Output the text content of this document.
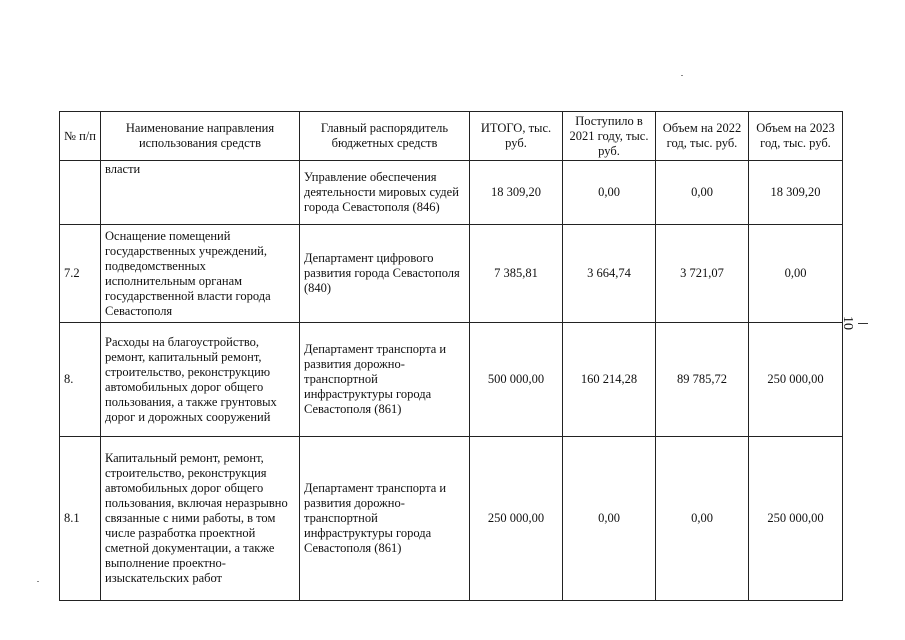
№ п/п	Наименование направления использования средств	Главный распорядитель бюджетных средств	ИТОГО, тыс. руб.	Поступило в 2021 году, тыс. руб.	Объем на 2022 год, тыс. руб.	Объем на 2023 год, тыс. руб.
	власти	Управление обеспечения деятельности мировых судей города Севастополя (846)	18 309,20	0,00	0,00	18 309,20
7.2	Оснащение помещений государственных учреждений, подведомственных исполнительным органам государственной власти города Севастополя	Департамент цифрового развития города Севастополя (840)	7 385,81	3 664,74	3 721,07	0,00
8.	Расходы на благоустройство, ремонт, капитальный ремонт, строительство, реконструкцию автомобильных дорог общего пользования, а также грунтовых дорог и дорожных сооружений	Департамент транспорта и развития дорожно-транспортной инфраструктуры города Севастополя (861)	500 000,00	160 214,28	89 785,72	250 000,00
8.1	Капитальный ремонт, ремонт, строительство, реконструкция автомобильных дорог общего пользования, включая неразрывно связанные с ними работы, в том числе разработка проектной сметной документации, а также выполнение проектно-изыскательских работ	Департамент транспорта и развития дорожно-транспортной инфраструктуры города Севастополя (861)	250 000,00	0,00	0,00	250 000,00
10
